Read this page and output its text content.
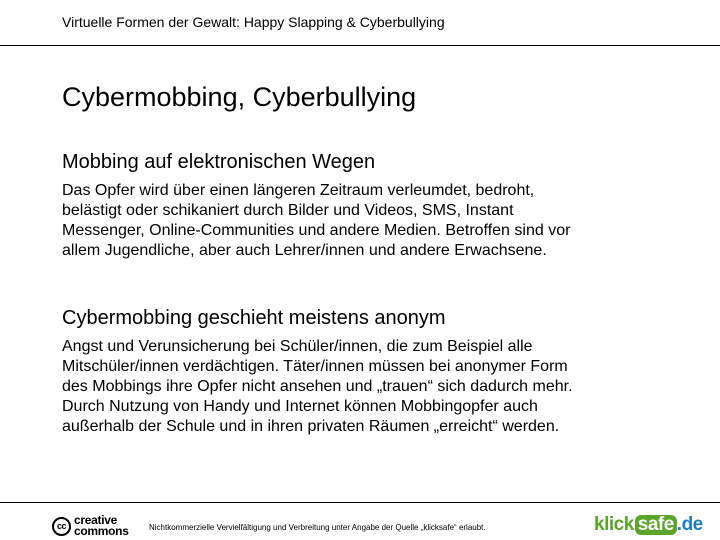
Virtuelle Formen der Gewalt: Happy Slapping & Cyberbullying
Cybermobbing, Cyberbullying
Mobbing auf elektronischen Wegen
Das Opfer wird über einen längeren Zeitraum verleumdet, bedroht,
belästigt oder schikaniert durch Bilder und Videos, SMS, Instant
Messenger, Online-Communities und andere Medien. Betroffen sind vor
allem Jugendliche, aber auch Lehrer/innen und andere Erwachsene.
Cybermobbing geschieht meistens anonym
Angst und Verunsicherung bei Schüler/innen, die zum Beispiel alle
Mitschüler/innen verdächtigen. Täter/innen müssen bei anonymer Form
des Mobbings ihre Opfer nicht ansehen und „trauen“ sich dadurch mehr.
Durch Nutzung von Handy und Internet können Mobbingopfer auch
außerhalb der Schule und in ihren privaten Räumen „erreicht“ werden.
cc creative
commons	Nichtkommerzielle Vervielfältigung und Verbreitung unter Angabe der Quelle „klicksafe“ erlaubt.	klick safe .de
